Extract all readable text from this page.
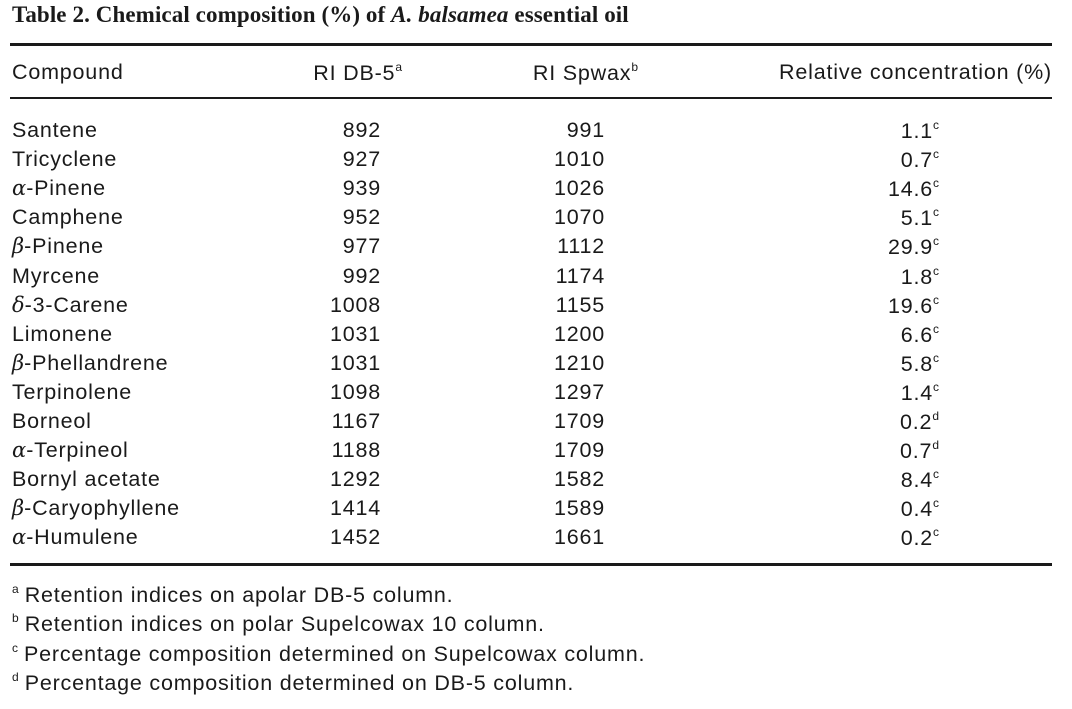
Table 2. Chemical composition (%) of A. balsamea essential oil
Compound	RI DB-5$^a$	RI Spwax$^b$	Relative concentration (%)
Santene	892	991	1.1$^c$
Tricyclene	927	1010	0.7$^c$
α-Pinene	939	1026	14.6$^c$
Camphene	952	1070	5.1$^c$
β-Pinene	977	1112	29.9$^c$
Myrcene	992	1174	1.8$^c$
δ-3-Carene	1008	1155	19.6$^c$
Limonene	1031	1200	6.6$^c$
β-Phellandrene	1031	1210	5.8$^c$
Terpinolene	1098	1297	1.4$^c$
Borneol	1167	1709	0.2$^d$
α-Terpineol	1188	1709	0.7$^d$
Bornyl acetate	1292	1582	8.4$^c$
β-Caryophyllene	1414	1589	0.4$^c$
α-Humulene	1452	1661	0.2$^c$
$^a$ Retention indices on apolar DB-5 column.
$^b$ Retention indices on polar Supelcowax 10 column.
$^c$ Percentage composition determined on Supelcowax column.
$^d$ Percentage composition determined on DB-5 column.
